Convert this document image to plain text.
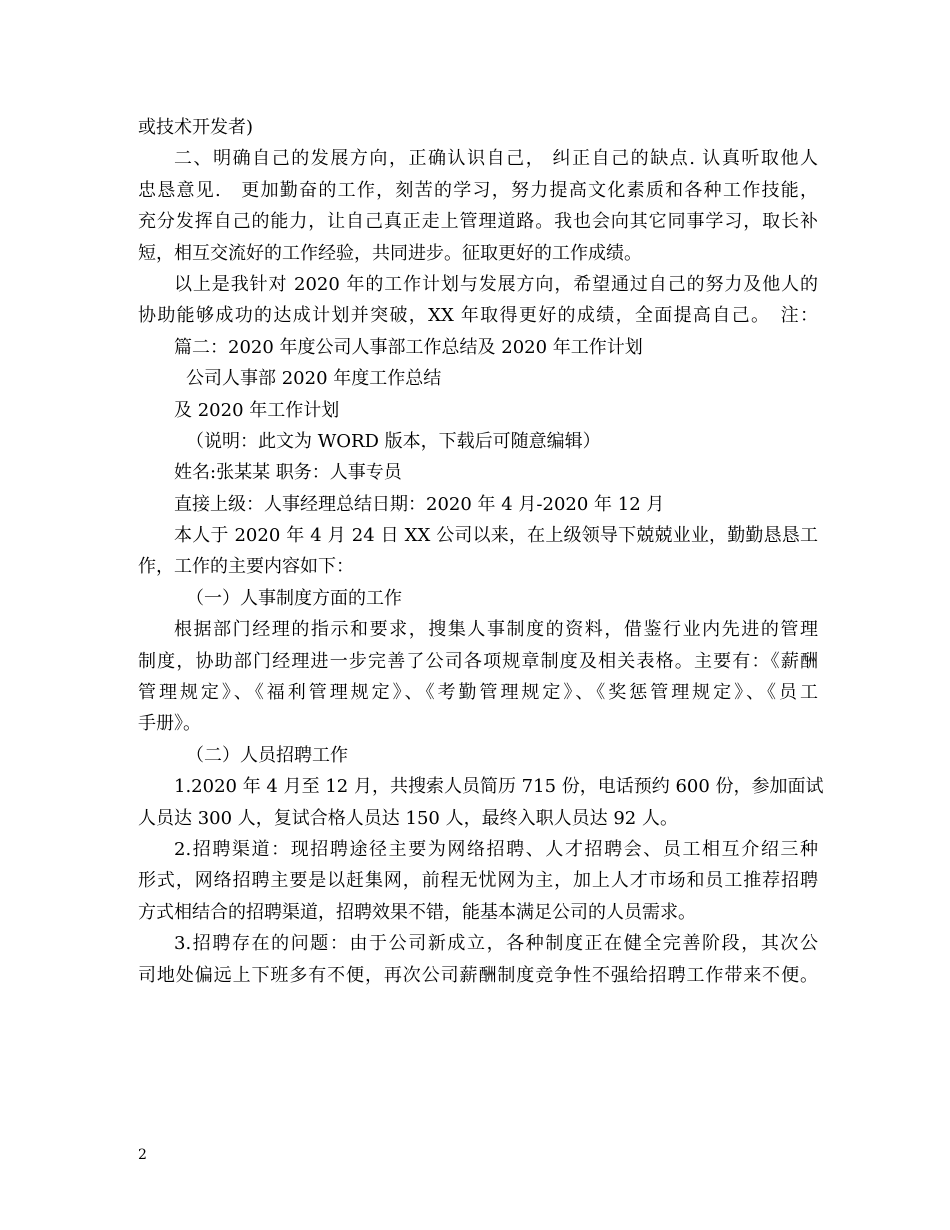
或技术开发者)
二、明确自己的发展方向，正确认识自己， 纠正自己的缺点. 认真听取他人
忠恳意见.　更加勤奋的工作，刻苦的学习，努力提高文化素质和各种工作技能，
充分发挥自己的能力，让自己真正走上管理道路。我也会向其它同事学习，取长补
短，相互交流好的工作经验，共同进步。征取更好的工作成绩。
以上是我针对 2020 年的工作计划与发展方向，希望通过自己的努力及他人的
协助能够成功的达成计划并突破，XX 年取得更好的成绩，全面提高自己。　注：
篇二：2020 年度公司人事部工作总结及 2020 年工作计划
公司人事部 2020 年度工作总结
及 2020 年工作计划
（说明：此文为 WORD 版本，下载后可随意编辑）
姓名:张某某 职务：人事专员
直接上级：人事经理总结日期：2020 年 4 月-2020 年 12 月
本人于 2020 年 4 月 24 日 XX 公司以来，在上级领导下兢兢业业，勤勤恳恳工
作，工作的主要内容如下：
（一）人事制度方面的工作
根据部门经理的指示和要求，搜集人事制度的资料，借鉴行业内先进的管理
制度，协助部门经理进一步完善了公司各项规章制度及相关表格。主要有：《薪酬
管理规定》、《福利管理规定》、《考勤管理规定》、《奖惩管理规定》、《员工
手册》。
（二）人员招聘工作
1.2020 年 4 月至 12 月，共搜索人员简历 715 份，电话预约 600 份，参加面试
人员达 300 人，复试合格人员达 150 人，最终入职人员达 92 人。
2.招聘渠道：现招聘途径主要为网络招聘、人才招聘会、员工相互介绍三种
形式，网络招聘主要是以赶集网，前程无忧网为主，加上人才市场和员工推荐招聘
方式相结合的招聘渠道，招聘效果不错，能基本满足公司的人员需求。
3.招聘存在的问题：由于公司新成立，各种制度正在健全完善阶段，其次公
司地处偏远上下班多有不便，再次公司薪酬制度竞争性不强给招聘工作带来不便。
2
